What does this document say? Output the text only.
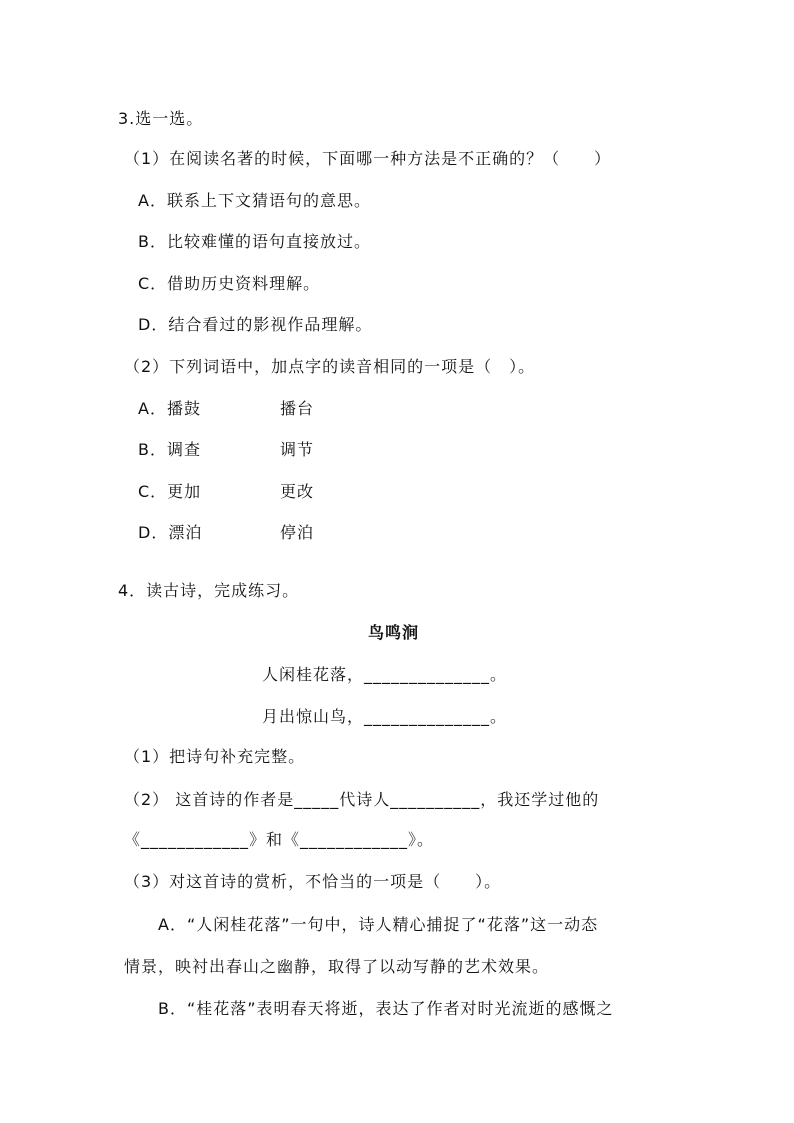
3.选一选。
（1）在阅读名著的时候，下面哪一种方法是不正确的？（　　）
A．联系上下文猜语句的意思。
B．比较难懂的语句直接放过。
C．借助历史资料理解。
D．结合看过的影视作品理解。
（2）下列词语中，加点字的读音相同的一项是（　）。
A．播鼓	播台
B．调查	调节
C．更加	更改
D．漂泊	停泊
4．读古诗，完成练习。
鸟鸣涧
人闲桂花落，______________。
月出惊山鸟，______________。
（1）把诗句补充完整。
（2） 这首诗的作者是_____代诗人__________，我还学过他的
《____________》和《____________》。
（3）对这首诗的赏析，不恰当的一项是（　　）。
A．“人闲桂花落”一句中，诗人精心捕捉了“花落”这一动态
情景，映衬出春山之幽静，取得了以动写静的艺术效果。
B．“桂花落”表明春天将逝，表达了作者对时光流逝的感慨之
